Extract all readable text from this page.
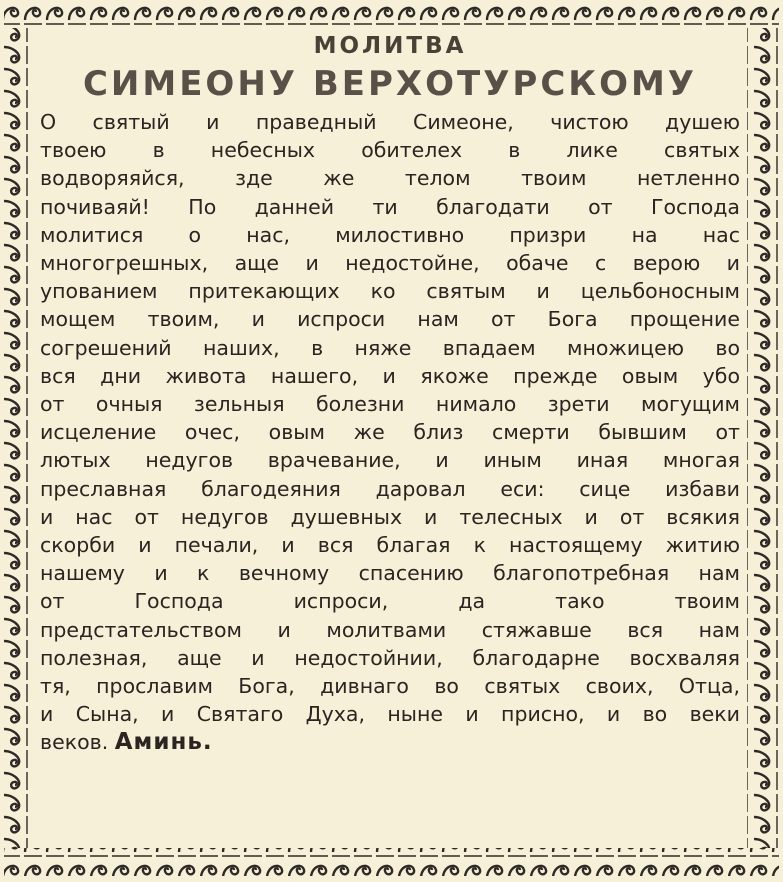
МОЛИТВА
СИМЕОНУ ВЕРХОТУРСКОМУ
О святый и праведный Симеоне, чистою душею
твоею в небесных обителех в лике святых
водворяяйся, зде же телом твоим нетленно
почиваяй! По данней ти благодати от Господа
молитися о нас, милостивно призри на нас
многогрешных, аще и недостойне, обаче с верою и
упованием притекающих ко святым и цельбоносным
мощем твоим, и испроси нам от Бога прощение
согрешений наших, в няже впадаем множицею во
вся дни живота нашего, и якоже прежде овым убо
от очныя зельныя болезни нимало зрети могущим
исцеление очес, овым же близ смерти бывшим от
лютых недугов врачевание, и иным иная многая
преславная благодеяния даровал еси: сице избави
и нас от недугов душевных и телесных и от всякия
скорби и печали, и вся благая к настоящему житию
нашему и к вечному спасению благопотребная нам
от Господа испроси, да тако твоим
предстательством и молитвами стяжавше вся нам
полезная, аще и недостойнии, благодарне восхваляя
тя, прославим Бога, дивнаго во святых своих, Отца,
и Сына, и Святаго Духа, ныне и присно, и во веки
веков. Аминь.
